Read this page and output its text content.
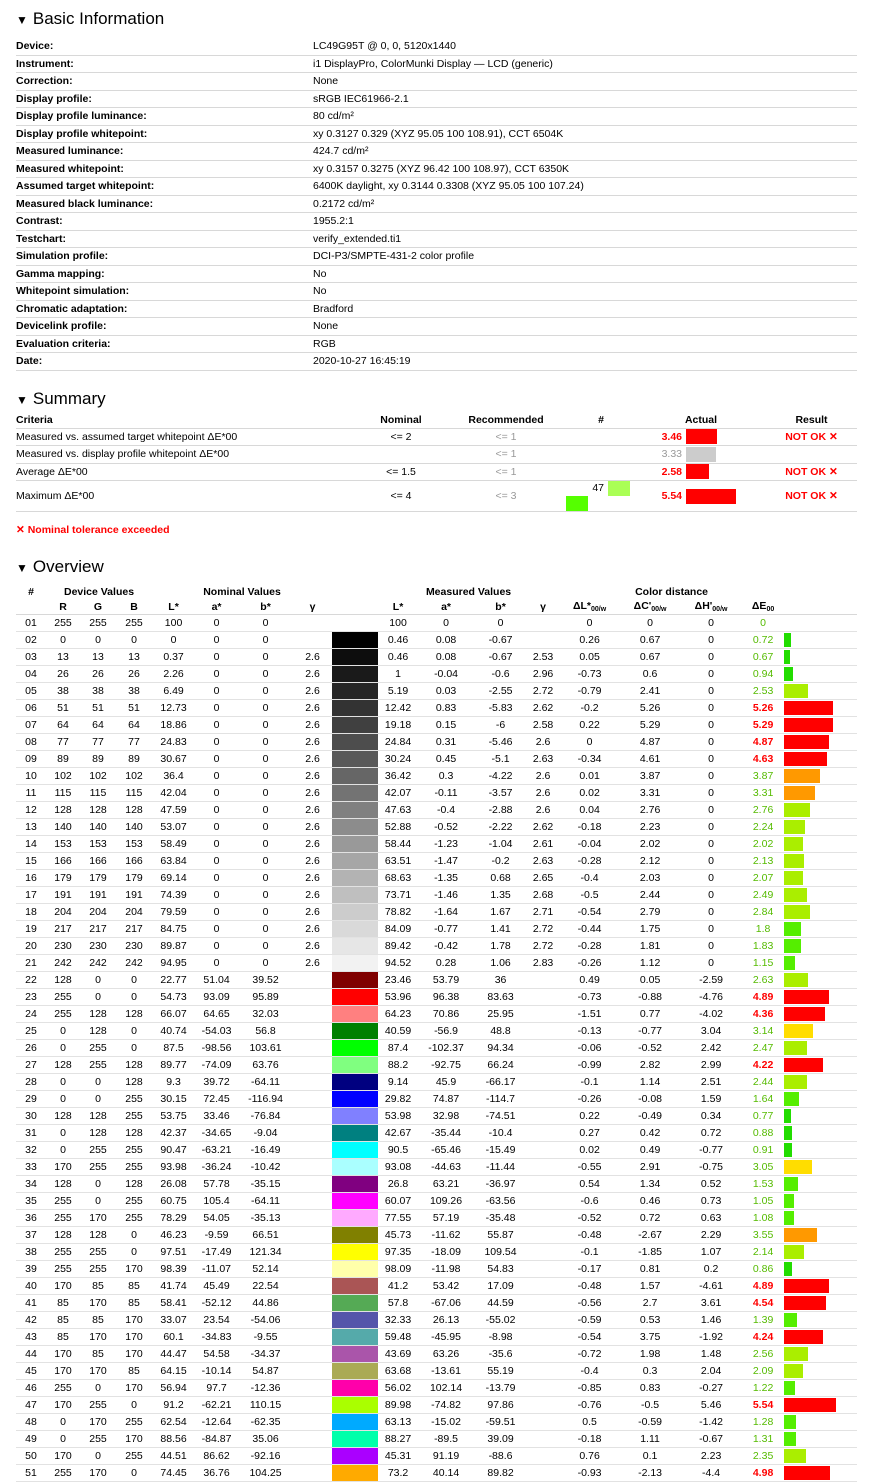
▼ Basic Information
Device:	LC49G95T @ 0, 0, 5120x1440
Instrument:	i1 DisplayPro, ColorMunki Display — LCD (generic)
Correction:	None
Display profile:	sRGB IEC61966-2.1
Display profile luminance:	80 cd/m²
Display profile whitepoint:	xy 0.3127 0.329 (XYZ 95.05 100 108.91), CCT 6504K
Measured luminance:	424.7 cd/m²
Measured whitepoint:	xy 0.3157 0.3275 (XYZ 96.42 100 108.97), CCT 6350K
Assumed target whitepoint:	6400K daylight, xy 0.3144 0.3308 (XYZ 95.05 100 107.24)
Measured black luminance:	0.2172 cd/m²
Contrast:	1955.2:1
Testchart:	verify_extended.ti1
Simulation profile:	DCI-P3/SMPTE-431-2 color profile
Gamma mapping:	No
Whitepoint simulation:	No
Chromatic adaptation:	Bradford
Devicelink profile:	None
Evaluation criteria:	RGB
Date:	2020-10-27 16:45:19
▼ Summary
Criteria	Nominal	Recommended	#	Actual	Result
Measured vs. assumed target whitepoint ΔE*00	<= 2	<= 1		3.46	NOT OK ✕
Measured vs. display profile whitepoint ΔE*00		<= 1		3.33	
Average ΔE*00	<= 1.5	<= 1		2.58	NOT OK ✕
Maximum ΔE*00	<= 4	<= 3	47	5.54	NOT OK ✕
✕ Nominal tolerance exceeded
▼ Overview
#	Device Values			Nominal Values					Measured Values				Color distance				
	R	G	B	L*	a*	b*	γ		L*	a*	b*	γ	$\Delta L*_{00/w}$	$\Delta C'_{00/w}$	$\Delta H'_{00/w}$	$\Delta E_{00}$	
01	255	255	255	100	0	0			100	0	0		0	0	0	0	
02	0	0	0	0	0	0			0.46	0.08	-0.67		0.26	0.67	0	0.72	

03	13	13	13	0.37	0	0	2.6		0.46	0.08	-0.67	2.53	0.05	0.67	0	0.67	

04	26	26	26	2.26	0	0	2.6		1	-0.04	-0.6	2.96	-0.73	0.6	0	0.94	

05	38	38	38	6.49	0	0	2.6		5.19	0.03	-2.55	2.72	-0.79	2.41	0	2.53	

06	51	51	51	12.73	0	0	2.6		12.42	0.83	-5.83	2.62	-0.2	5.26	0	5.26	

07	64	64	64	18.86	0	0	2.6		19.18	0.15	-6	2.58	0.22	5.29	0	5.29	

08	77	77	77	24.83	0	0	2.6		24.84	0.31	-5.46	2.6	0	4.87	0	4.87	

09	89	89	89	30.67	0	0	2.6		30.24	0.45	-5.1	2.63	-0.34	4.61	0	4.63	

10	102	102	102	36.4	0	0	2.6		36.42	0.3	-4.22	2.6	0.01	3.87	0	3.87	

11	115	115	115	42.04	0	0	2.6		42.07	-0.11	-3.57	2.6	0.02	3.31	0	3.31	

12	128	128	128	47.59	0	0	2.6		47.63	-0.4	-2.88	2.6	0.04	2.76	0	2.76	

13	140	140	140	53.07	0	0	2.6		52.88	-0.52	-2.22	2.62	-0.18	2.23	0	2.24	

14	153	153	153	58.49	0	0	2.6		58.44	-1.23	-1.04	2.61	-0.04	2.02	0	2.02	

15	166	166	166	63.84	0	0	2.6		63.51	-1.47	-0.2	2.63	-0.28	2.12	0	2.13	

16	179	179	179	69.14	0	0	2.6		68.63	-1.35	0.68	2.65	-0.4	2.03	0	2.07	

17	191	191	191	74.39	0	0	2.6		73.71	-1.46	1.35	2.68	-0.5	2.44	0	2.49	

18	204	204	204	79.59	0	0	2.6		78.82	-1.64	1.67	2.71	-0.54	2.79	0	2.84	

19	217	217	217	84.75	0	0	2.6		84.09	-0.77	1.41	2.72	-0.44	1.75	0	1.8	

20	230	230	230	89.87	0	0	2.6		89.42	-0.42	1.78	2.72	-0.28	1.81	0	1.83	

21	242	242	242	94.95	0	0	2.6		94.52	0.28	1.06	2.83	-0.26	1.12	0	1.15	

22	128	0	0	22.77	51.04	39.52			23.46	53.79	36		0.49	0.05	-2.59	2.63	

23	255	0	0	54.73	93.09	95.89			53.96	96.38	83.63		-0.73	-0.88	-4.76	4.89	

24	255	128	128	66.07	64.65	32.03			64.23	70.86	25.95		-1.51	0.77	-4.02	4.36	

25	0	128	0	40.74	-54.03	56.8			40.59	-56.9	48.8		-0.13	-0.77	3.04	3.14	

26	0	255	0	87.5	-98.56	103.61			87.4	-102.37	94.34		-0.06	-0.52	2.42	2.47	

27	128	255	128	89.77	-74.09	63.76			88.2	-92.75	66.24		-0.99	2.82	2.99	4.22	

28	0	0	128	9.3	39.72	-64.11			9.14	45.9	-66.17		-0.1	1.14	2.51	2.44	

29	0	0	255	30.15	72.45	-116.94			29.82	74.87	-114.7		-0.26	-0.08	1.59	1.64	

30	128	128	255	53.75	33.46	-76.84			53.98	32.98	-74.51		0.22	-0.49	0.34	0.77	

31	0	128	128	42.37	-34.65	-9.04			42.67	-35.44	-10.4		0.27	0.42	0.72	0.88	

32	0	255	255	90.47	-63.21	-16.49			90.5	-65.46	-15.49		0.02	0.49	-0.77	0.91	

33	170	255	255	93.98	-36.24	-10.42			93.08	-44.63	-11.44		-0.55	2.91	-0.75	3.05	

34	128	0	128	26.08	57.78	-35.15			26.8	63.21	-36.97		0.54	1.34	0.52	1.53	

35	255	0	255	60.75	105.4	-64.11			60.07	109.26	-63.56		-0.6	0.46	0.73	1.05	

36	255	170	255	78.29	54.05	-35.13			77.55	57.19	-35.48		-0.52	0.72	0.63	1.08	

37	128	128	0	46.23	-9.59	66.51			45.73	-11.62	55.87		-0.48	-2.67	2.29	3.55	

38	255	255	0	97.51	-17.49	121.34			97.35	-18.09	109.54		-0.1	-1.85	1.07	2.14	

39	255	255	170	98.39	-11.07	52.14			98.09	-11.98	54.83		-0.17	0.81	0.2	0.86	

40	170	85	85	41.74	45.49	22.54			41.2	53.42	17.09		-0.48	1.57	-4.61	4.89	

41	85	170	85	58.41	-52.12	44.86			57.8	-67.06	44.59		-0.56	2.7	3.61	4.54	

42	85	85	170	33.07	23.54	-54.06			32.33	26.13	-55.02		-0.59	0.53	1.46	1.39	

43	85	170	170	60.1	-34.83	-9.55			59.48	-45.95	-8.98		-0.54	3.75	-1.92	4.24	

44	170	85	170	44.47	54.58	-34.37			43.69	63.26	-35.6		-0.72	1.98	1.48	2.56	

45	170	170	85	64.15	-10.14	54.87			63.68	-13.61	55.19		-0.4	0.3	2.04	2.09	

46	255	0	170	56.94	97.7	-12.36			56.02	102.14	-13.79		-0.85	0.83	-0.27	1.22	

47	170	255	0	91.2	-62.21	110.15			89.98	-74.82	97.86		-0.76	-0.5	5.46	5.54	

48	0	170	255	62.54	-12.64	-62.35			63.13	-15.02	-59.51		0.5	-0.59	-1.42	1.28	

49	0	255	170	88.56	-84.87	35.06			88.27	-89.5	39.09		-0.18	1.11	-0.67	1.31	

50	170	0	255	44.51	86.62	-92.16			45.31	91.19	-88.6		0.76	0.1	2.23	2.35	

51	255	170	0	74.45	36.76	104.25			73.2	40.14	89.82		-0.93	-2.13	-4.4	4.98	
